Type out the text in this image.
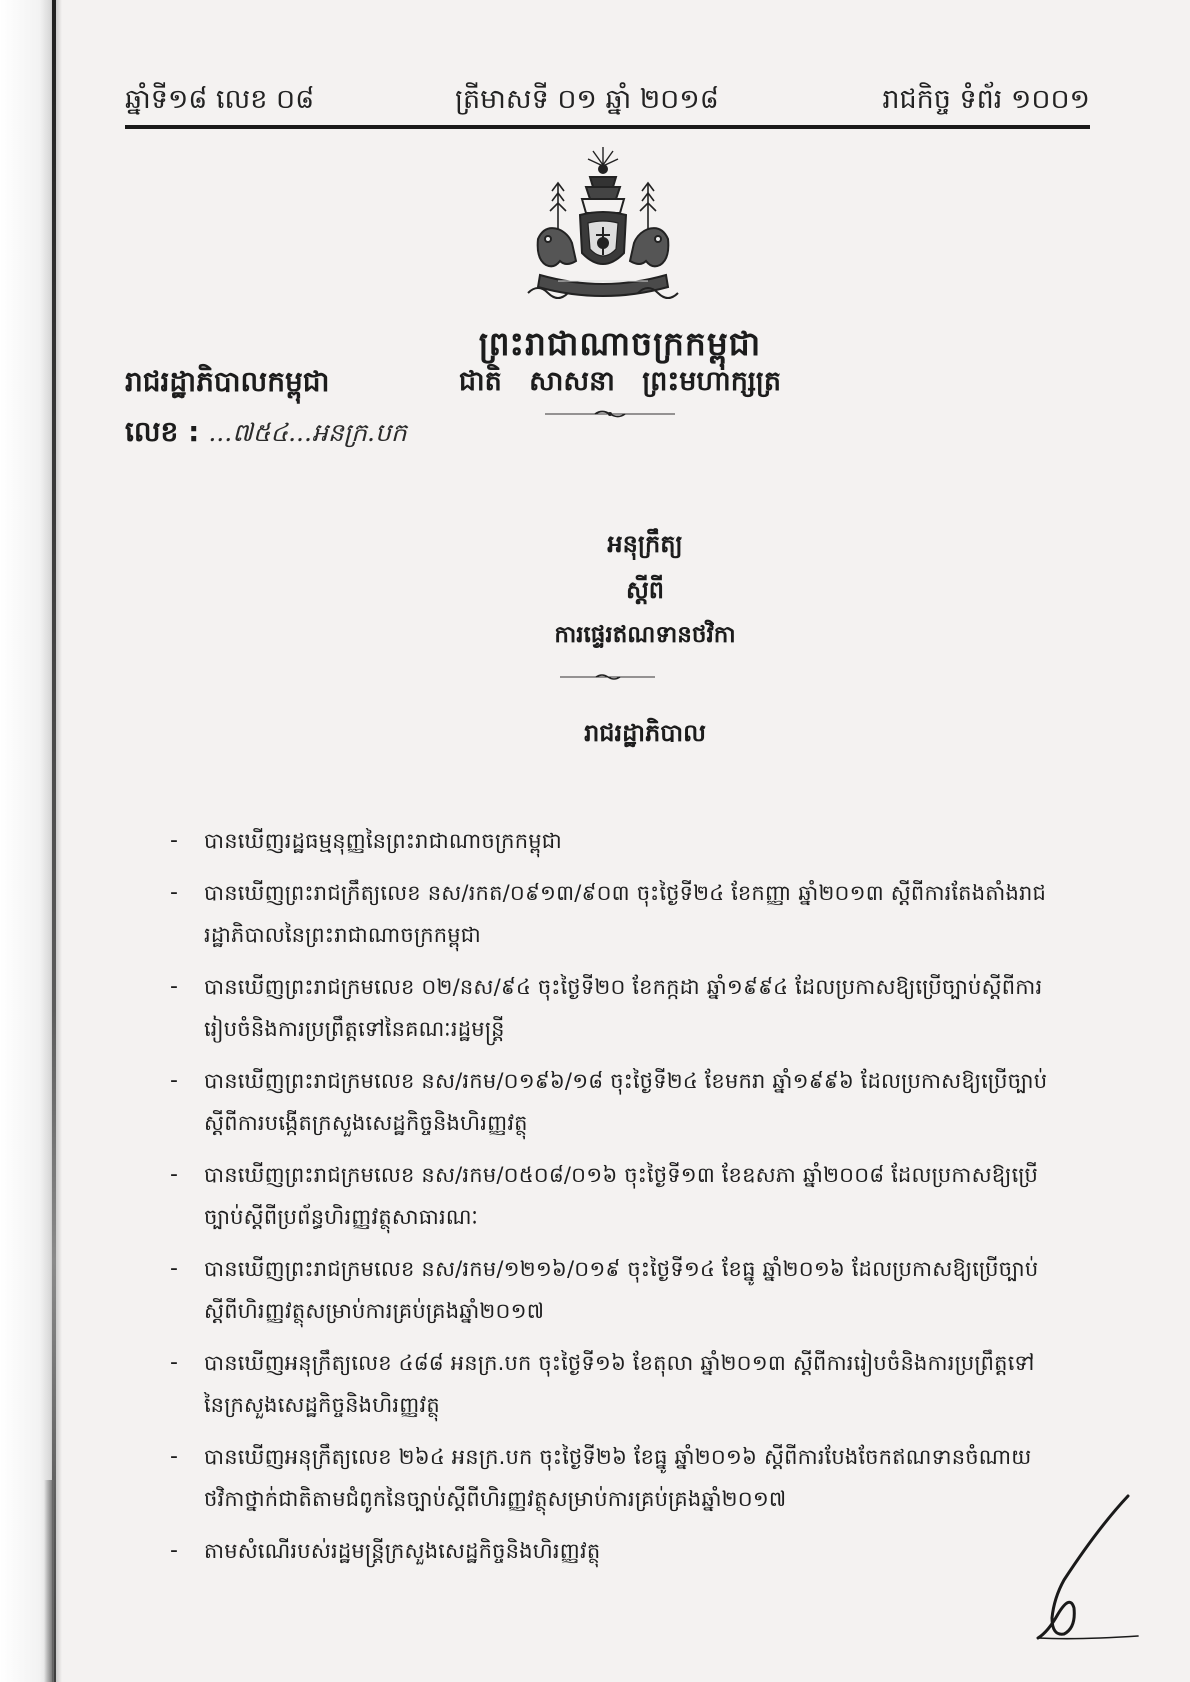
ឆ្នាំទី១៨ លេខ ០៨	ត្រីមាសទី ០១ ឆ្នាំ ២០១៨	រាជកិច្ច ទំព័រ ១០០១
ព្រះរាជាណាចក្រកម្ពុជា
ជាតិ សាសនា ព្រះមហាក្សត្រ
រាជរដ្ឋាភិបាលកម្ពុជា
លេខ : ...៧៥៤...អនក្រ.បក
អនុក្រឹត្យ
ស្តីពី
ការផ្ទេរឥណទានថវិកា
រាជរដ្ឋាភិបាល
- បានឃើញរដ្ឋធម្មនុញ្ញនៃព្រះរាជាណាចក្រកម្ពុជា
- បានឃើញព្រះរាជក្រឹត្យលេខ នស/រកត/០៩១៣/៩០៣ ចុះថ្ងៃទី២៤ ខែកញ្ញា ឆ្នាំ២០១៣ ស្តីពីការតែងតាំងរាជរដ្ឋាភិបាលនៃព្រះរាជាណាចក្រកម្ពុជា
- បានឃើញព្រះរាជក្រមលេខ ០២/នស/៩៤ ចុះថ្ងៃទី២០ ខែកក្កដា ឆ្នាំ១៩៩៤ ដែលប្រកាសឱ្យប្រើច្បាប់ស្តីពីការរៀបចំនិងការប្រព្រឹត្តទៅនៃគណៈរដ្ឋមន្ត្រី
- បានឃើញព្រះរាជក្រមលេខ នស/រកម/០១៩៦/១៨ ចុះថ្ងៃទី២៤ ខែមករា ឆ្នាំ១៩៩៦ ដែលប្រកាសឱ្យប្រើច្បាប់ស្តីពីការបង្កើតក្រសួងសេដ្ឋកិច្ចនិងហិរញ្ញវត្ថុ
- បានឃើញព្រះរាជក្រមលេខ នស/រកម/០៥០៨/០១៦ ចុះថ្ងៃទី១៣ ខែឧសភា ឆ្នាំ២០០៨ ដែលប្រកាសឱ្យប្រើច្បាប់ស្តីពីប្រព័ន្ធហិរញ្ញវត្ថុសាធារណៈ
- បានឃើញព្រះរាជក្រមលេខ នស/រកម/១២១៦/០១៩ ចុះថ្ងៃទី១៤ ខែធ្នូ ឆ្នាំ២០១៦ ដែលប្រកាសឱ្យប្រើច្បាប់ស្តីពីហិរញ្ញវត្ថុសម្រាប់ការគ្រប់គ្រងឆ្នាំ២០១៧
- បានឃើញអនុក្រឹត្យលេខ ៤៨៨ អនក្រ.បក ចុះថ្ងៃទី១៦ ខែតុលា ឆ្នាំ២០១៣ ស្តីពីការរៀបចំនិងការប្រព្រឹត្តទៅនៃក្រសួងសេដ្ឋកិច្ចនិងហិរញ្ញវត្ថុ
- បានឃើញអនុក្រឹត្យលេខ ២៦៤ អនក្រ.បក ចុះថ្ងៃទី២៦ ខែធ្នូ ឆ្នាំ២០១៦ ស្តីពីការបែងចែកឥណទានចំណាយថវិកាថ្នាក់ជាតិតាមជំពូកនៃច្បាប់ស្តីពីហិរញ្ញវត្ថុសម្រាប់ការគ្រប់គ្រងឆ្នាំ២០១៧
- តាមសំណើរបស់រដ្ឋមន្ត្រីក្រសួងសេដ្ឋកិច្ចនិងហិរញ្ញវត្ថុ
